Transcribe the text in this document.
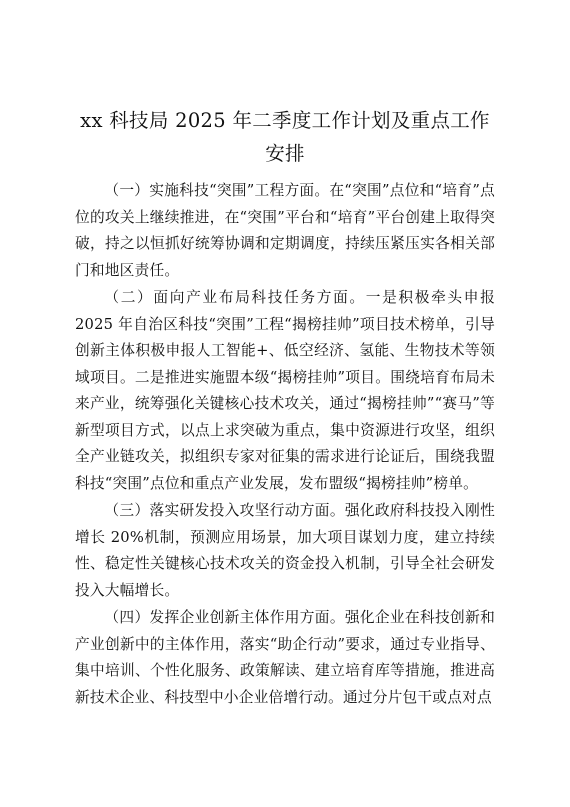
xx 科技局 2025 年二季度工作计划及重点工作安排

（一）实施科技“突围”工程方面。在“突围”点位和“培育”点位的攻关上继续推进，在“突围”平台和“培育”平台创建上取得突破，持之以恒抓好统筹协调和定期调度，持续压紧压实各相关部门和地区责任。

（二）面向产业布局科技任务方面。一是积极牵头申报 2025 年自治区科技“突围”工程“揭榜挂帅”项目技术榜单，引导创新主体积极申报人工智能+、低空经济、氢能、生物技术等领域项目。二是推进实施盟本级“揭榜挂帅”项目。围绕培育布局未来产业，统筹强化关键核心技术攻关，通过“揭榜挂帅”“赛马”等新型项目方式，以点上求突破为重点，集中资源进行攻坚，组织全产业链攻关，拟组织专家对征集的需求进行论证后，围绕我盟科技“突围”点位和重点产业发展，发布盟级“揭榜挂帅”榜单。

（三）落实研发投入攻坚行动方面。强化政府科技投入刚性增长 20%机制，预测应用场景，加大项目谋划力度，建立持续性、稳定性关键核心技术攻关的资金投入机制，引导全社会研发投入大幅增长。

（四）发挥企业创新主体作用方面。强化企业在科技创新和产业创新中的主体作用，落实“助企行动”要求，通过专业指导、集中培训、个性化服务、政策解读、建立培育库等措施，推进高新技术企业、科技型中小企业倍增行动。通过分片包干或点对点
